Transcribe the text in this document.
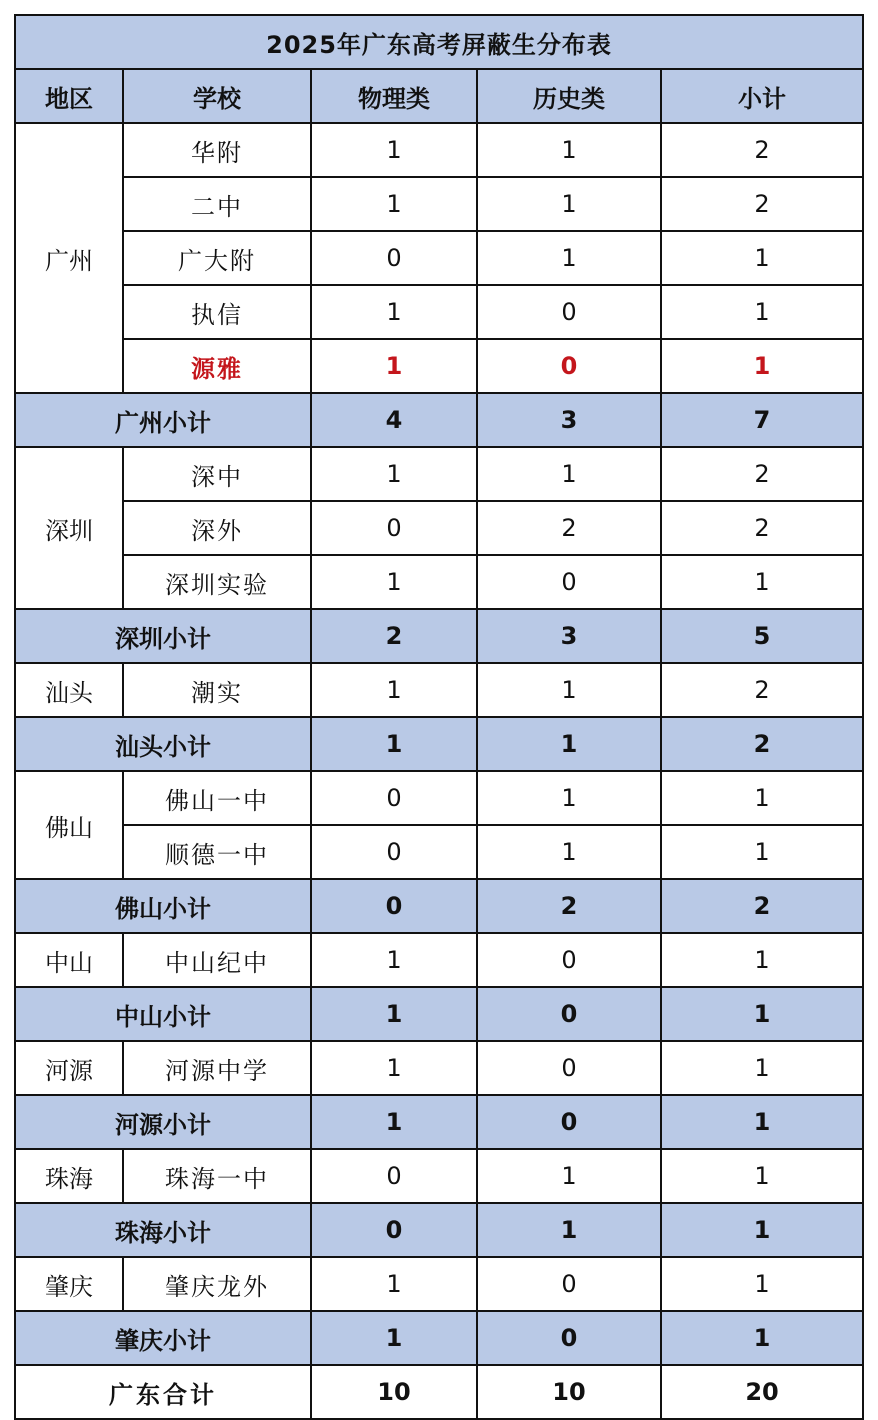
2025年广东高考屏蔽生分布表				
地区	学校	物理类	历史类	小计
广州	华附	1	1	2
	二中	1	1	2
	广大附	0	1	1
	执信	1	0	1
	源雅	1	0	1
广州小计		4	3	7
深圳	深中	1	1	2
	深外	0	2	2
	深圳实验	1	0	1
深圳小计		2	3	5
汕头	潮实	1	1	2
汕头小计		1	1	2
佛山	佛山一中	0	1	1
	顺德一中	0	1	1
佛山小计		0	2	2
中山	中山纪中	1	0	1
中山小计		1	0	1
河源	河源中学	1	0	1
河源小计		1	0	1
珠海	珠海一中	0	1	1
珠海小计		0	1	1
肇庆	肇庆龙外	1	0	1
肇庆小计		1	0	1
广东合计		10	10	20
